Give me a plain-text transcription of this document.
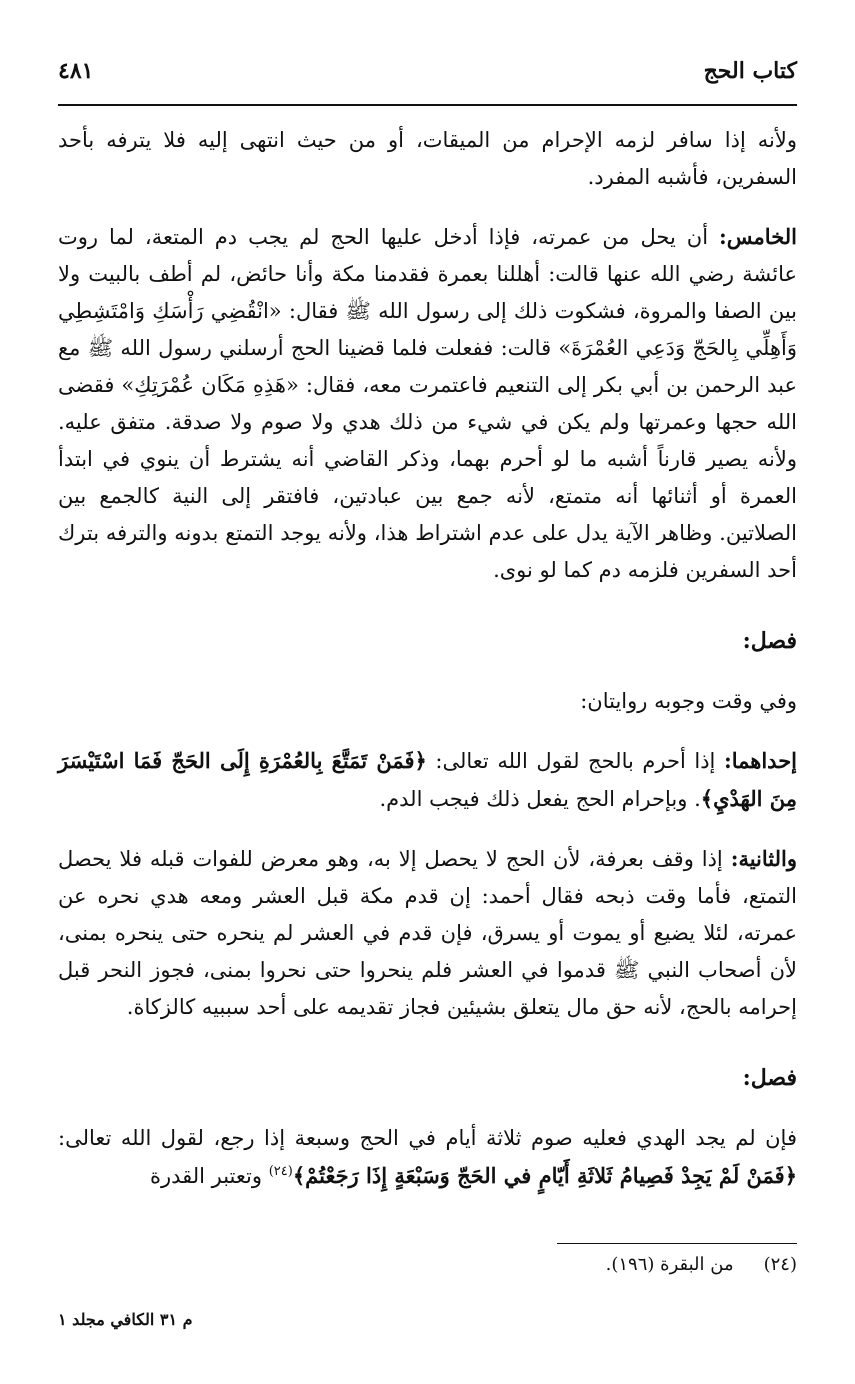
كتاب الحج
٤٨١

ولأنه إذا سافر لزمه الإحرام من الميقات، أو من حيث انتهى إليه فلا يترفه بأحد السفرين، فأشبه المفرد.

الخامس: أن يحل من عمرته، فإذا أدخل عليها الحج لم يجب دم المتعة، لما روت عائشة رضي الله عنها قالت: أهللنا بعمرة فقدمنا مكة وأنا حائض، لم أطف بالبيت ولا بين الصفا والمروة، فشكوت ذلك إلى رسول الله ﷺ فقال: «انْقُضِي رَأْسَكِ وَامْتَشِطِي وَأَهِلِّي بِالحَجّ وَدَعِي العُمْرَةَ» قالت: ففعلت فلما قضينا الحج أرسلني رسول الله ﷺ مع عبد الرحمن بن أبي بكر إلى التنعيم فاعتمرت معه، فقال: «هَذِهِ مَكَان عُمْرَتِكِ» فقضى الله حجها وعمرتها ولم يكن في شيء من ذلك هدي ولا صوم ولا صدقة. متفق عليه. ولأنه يصير قارناً أشبه ما لو أحرم بهما، وذكر القاضي أنه يشترط أن ينوي في ابتدأ العمرة أو أثنائها أنه متمتع، لأنه جمع بين عبادتين، فافتقر إلى النية كالجمع بين الصلاتين. وظاهر الآية يدل على عدم اشتراط هذا، ولأنه يوجد التمتع بدونه والترفه بترك أحد السفرين فلزمه دم كما لو نوى.

فصل:

وفي وقت وجوبه روايتان:

إحداهما: إذا أحرم بالحج لقول الله تعالى: ﴿فَمَنْ تَمَتَّعَ بِالعُمْرَةِ إِلَى الحَجّ فَمَا اسْتَيْسَرَ مِنَ الهَدْيِ﴾. وبإحرام الحج يفعل ذلك فيجب الدم.

والثانية: إذا وقف بعرفة، لأن الحج لا يحصل إلا به، وهو معرض للفوات قبله فلا يحصل التمتع، فأما وقت ذبحه فقال أحمد: إن قدم مكة قبل العشر ومعه هدي نحره عن عمرته، لئلا يضيع أو يموت أو يسرق، فإن قدم في العشر لم ينحره حتى ينحره بمنى، لأن أصحاب النبي ﷺ قدموا في العشر فلم ينحروا حتى نحروا بمنى، فجوز النحر قبل إحرامه بالحج، لأنه حق مال يتعلق بشيئين فجاز تقديمه على أحد سببيه كالزكاة.

فصل:

فإن لم يجد الهدي فعليه صوم ثلاثة أيام في الحج وسبعة إذا رجع، لقول الله تعالى: ﴿فَمَنْ لَمْ يَجِدْ فَصِيامُ ثَلاثَةِ أَيّامٍ في الحَجّ وَسَبْعَةٍ إِذَا رَجَعْتُمْ﴾$^{(٢٤)}$ وتعتبر القدرة

(٢٤)من البقرة (١٩٦).
م ٣١ الكافي مجلد ١
